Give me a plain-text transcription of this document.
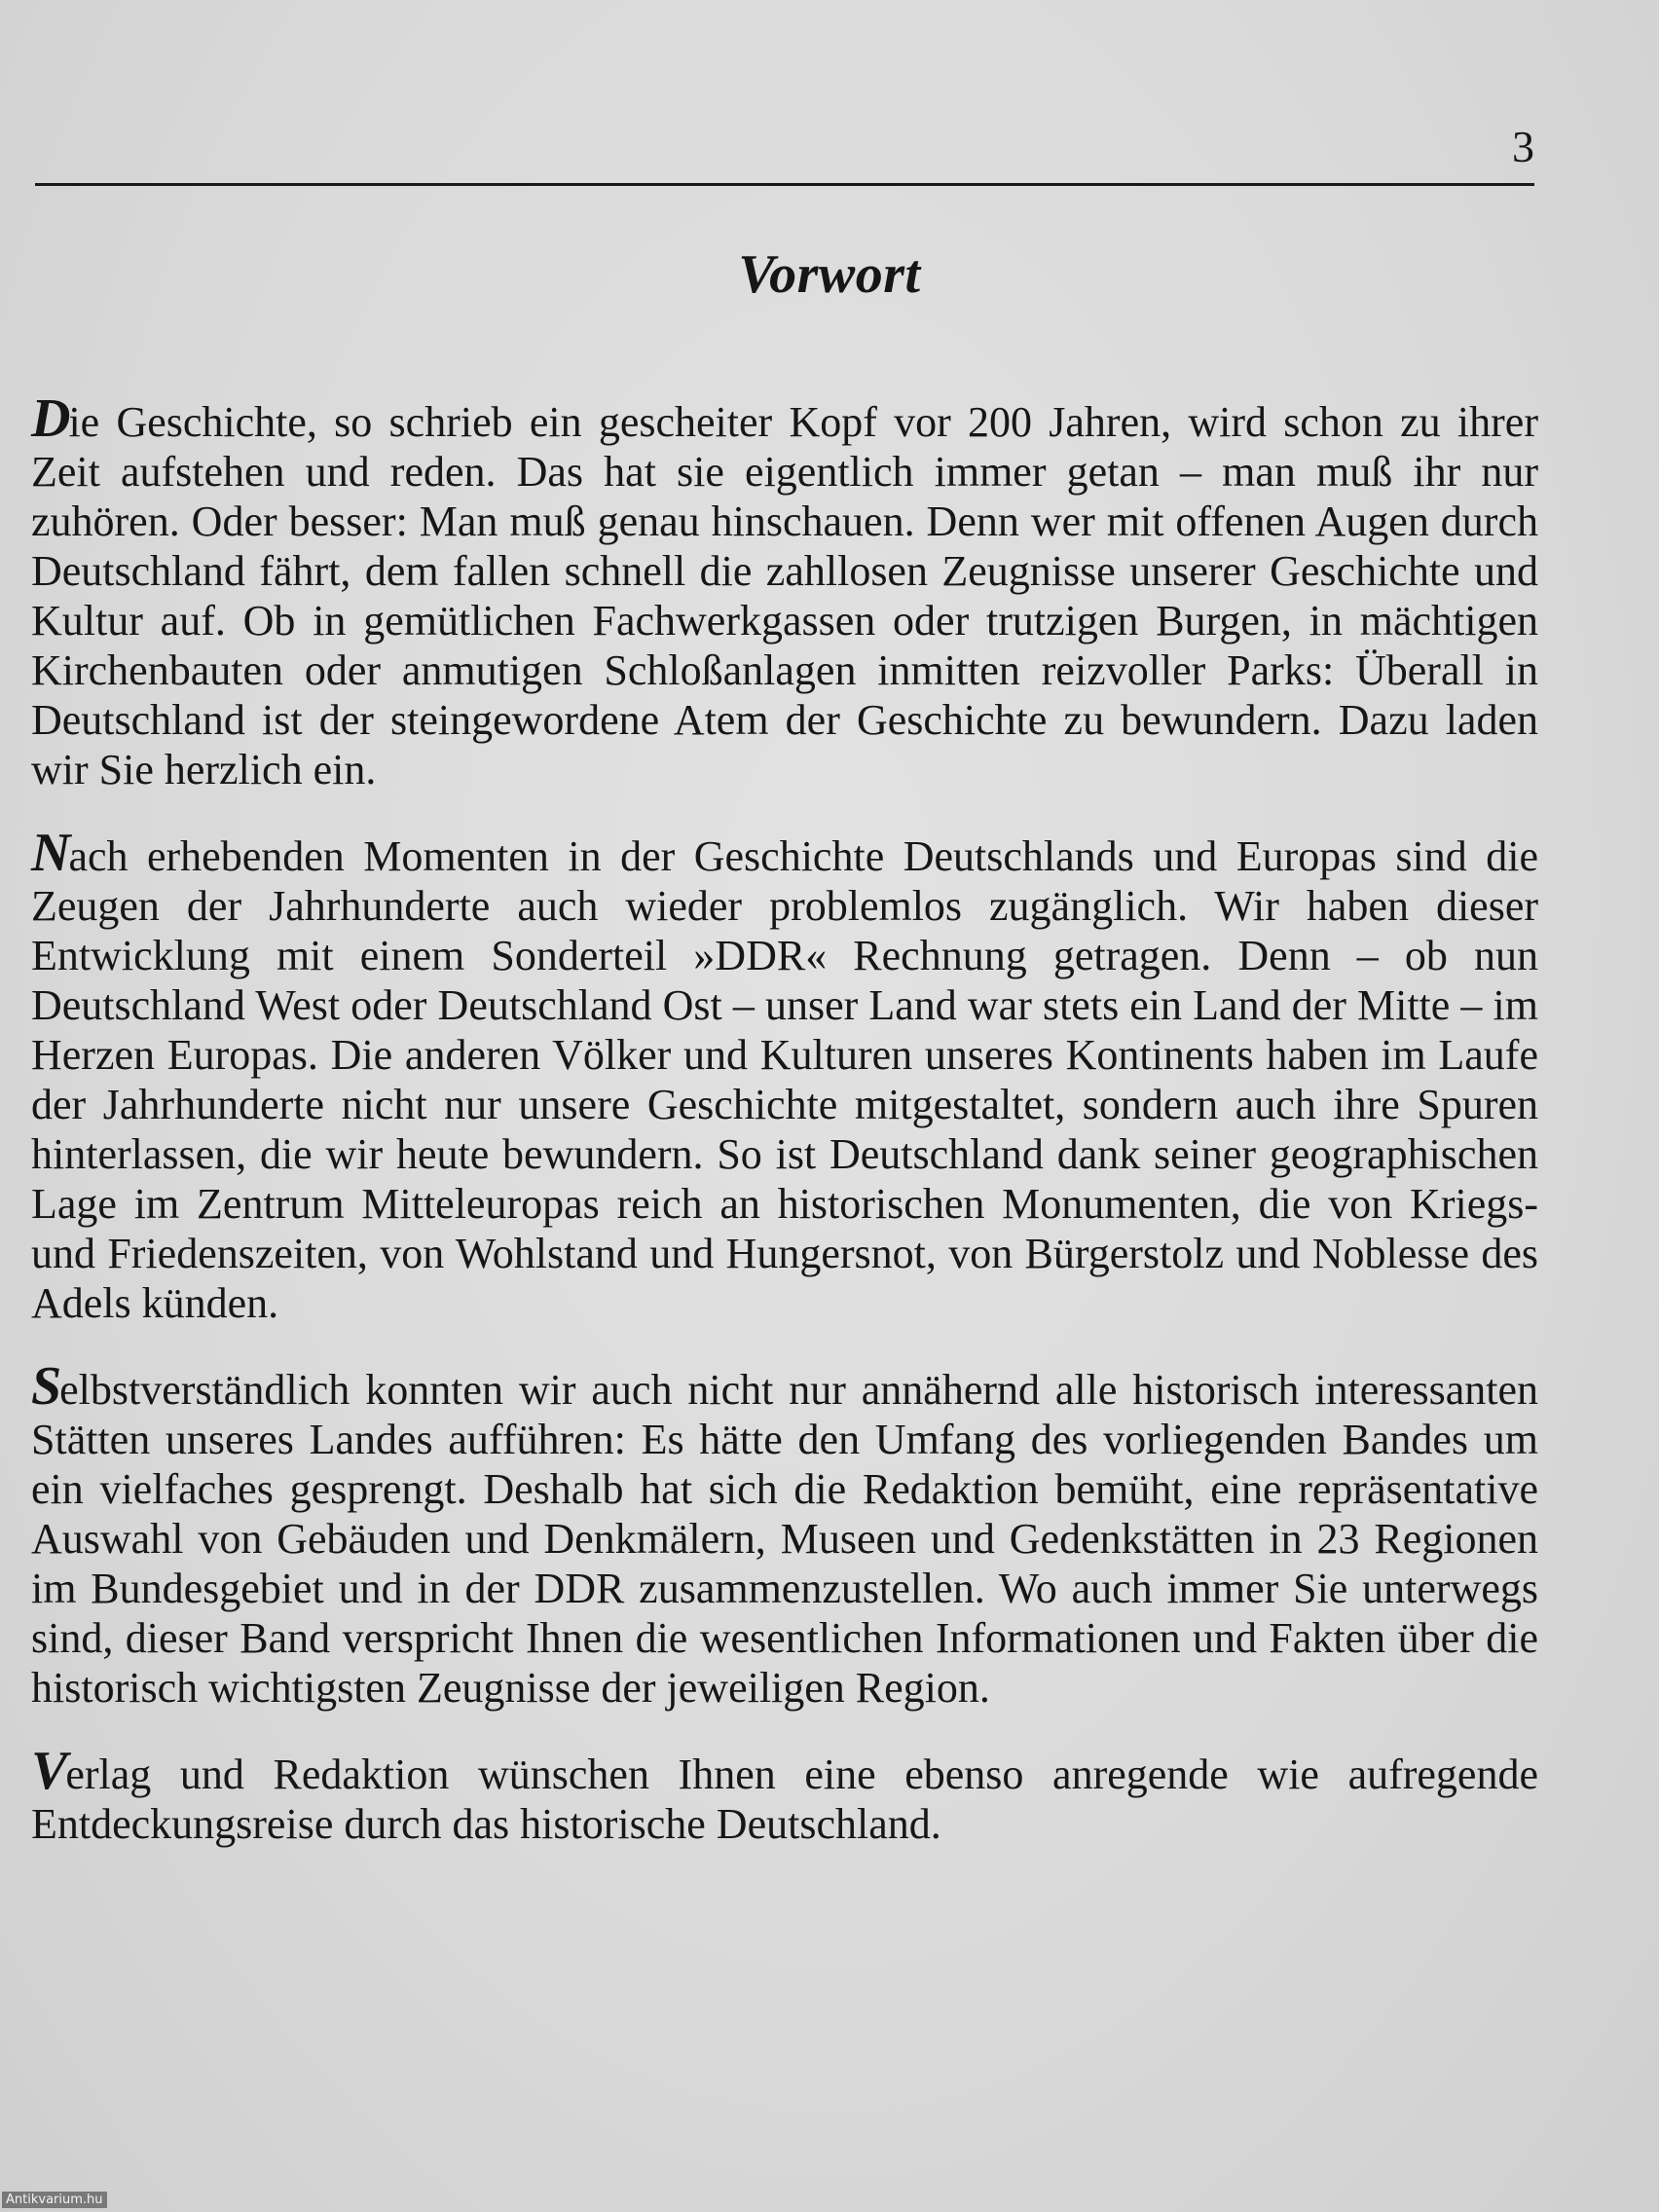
3
Vorwort

Die Geschichte, so schrieb ein gescheiter Kopf vor 200 Jahren, wird schon zu ihrer Zeit aufstehen und reden. Das hat sie eigentlich immer getan – man muß ihr nur zuhören. Oder besser: Man muß genau hinschauen. Denn wer mit offenen Augen durch Deutschland fährt, dem fallen schnell die zahllosen Zeugnisse unserer Geschichte und Kultur auf. Ob in gemütlichen Fachwerkgassen oder trutzigen Burgen, in mächtigen Kirchenbauten oder anmutigen Schloßanlagen inmitten reizvoller Parks: Überall in Deutschland ist der steingewordene Atem der Geschichte zu bewundern. Dazu laden wir Sie herzlich ein.

Nach erhebenden Momenten in der Geschichte Deutschlands und Europas sind die Zeugen der Jahrhunderte auch wieder problemlos zugänglich. Wir haben dieser Entwicklung mit einem Sonderteil »DDR« Rechnung getragen. Denn – ob nun Deutschland West oder Deutschland Ost – unser Land war stets ein Land der Mitte – im Herzen Europas. Die anderen Völker und Kulturen unseres Kontinents haben im Laufe der Jahrhunderte nicht nur unsere Geschichte mitgestaltet, sondern auch ihre Spuren hinterlassen, die wir heute bewundern. So ist Deutschland dank seiner geographischen Lage im Zentrum Mitteleuropas reich an historischen Monumenten, die von Kriegs- und Friedenszeiten, von Wohlstand und Hungersnot, von Bürgerstolz und Noblesse des Adels künden.

Selbstverständlich konnten wir auch nicht nur annähernd alle historisch interessanten Stätten unseres Landes aufführen: Es hätte den Umfang des vorliegenden Bandes um ein vielfaches gesprengt. Deshalb hat sich die Redaktion bemüht, eine repräsentative Auswahl von Gebäuden und Denkmälern, Museen und Gedenkstätten in 23 Regionen im Bundesgebiet und in der DDR zusammenzustellen. Wo auch immer Sie unterwegs sind, dieser Band verspricht Ihnen die wesentlichen Informationen und Fakten über die historisch wichtigsten Zeugnisse der jeweiligen Region.

Verlag und Redaktion wünschen Ihnen eine ebenso anregende wie aufregende Entdeckungsreise durch das historische Deutschland.

Antikvarium.hu
